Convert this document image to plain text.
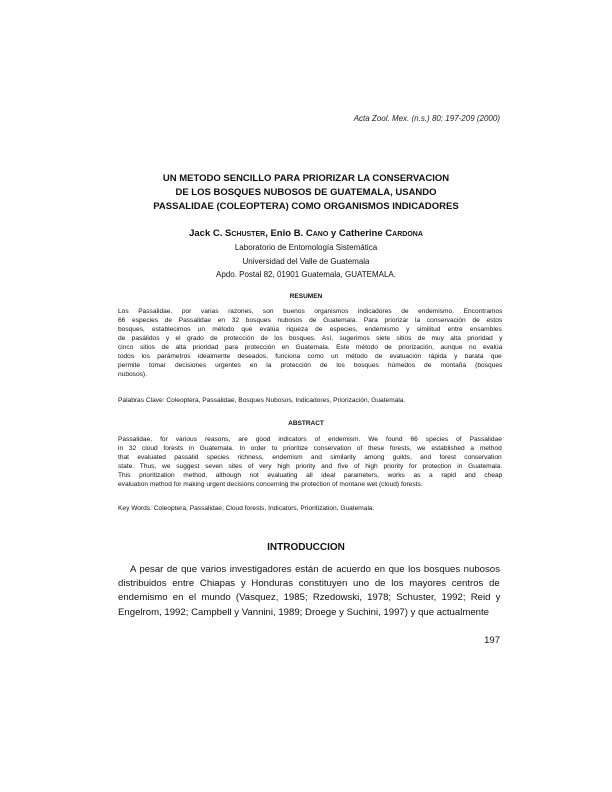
Acta Zool. Mex. (n.s.) 80: 197-209 (2000)
UN METODO SENCILLO PARA PRIORIZAR LA CONSERVACION
DE LOS BOSQUES NUBOSOS DE GUATEMALA, USANDO
PASSALIDAE (COLEOPTERA) COMO ORGANISMOS INDICADORES
Jack C. Schuster, Enio B. Cano y Catherine Cardona
Laboratorio de Entomología Sistemática
Universidad del Valle de Guatemala
Apdo. Postal 82, 01901 Guatemala, GUATEMALA.
RESUMEN
Los Passalidae, por varias razones, son buenos organismos indicadores de endemismo. Encontramos
66 especies de Passalidae en 32 bosques nubosos de Guatemala. Para priorizar la conservación de estos
bosques, establecimos un método que evalúa riqueza de especies, endemismo y similitud entre ensambles
de pasálidos y el grado de protección de los bosques. Así, sugerimos siete sitios de muy alta prioridad y
cinco sitios de alta prioridad para protección en Guatemala. Este método de priorización, aunque no evalúa
todos los parámetros idealmente deseados, funciona como un método de evaluación rápida y barata que
permite tomar decisiones urgentes en la protección de los bosques húmedos de montaña (bosques
nubosos).
Palabras Clave: Coleoptera, Passalidae, Bosques Nubosos, Indicadores, Priorización, Guatemala.
ABSTRACT
Passalidae, for various reasons, are good indicators of endemism. We found 66 species of Passalidae
in 32 cloud forests in Guatemala. In order to prioritize conservation of these forests, we established a method
that evaluated passalid species richness, endemism and similarity among guilds, and forest conservation
state. Thus, we suggest seven sites of very high priority and five of high priority for protection in Guatemala.
This prioritization method, although not evaluating all ideal parameters, works as a rapid and cheap
evaluation method for making urgent decisions concerning the protection of montane wet (cloud) forests.
Key Words: Coleoptera, Passalidae, Cloud forests, Indicators, Prioritization, Guatemala.
INTRODUCCION
A pesar de que varios investigadores están de acuerdo en que los bosques nubosos
distribuidos entre Chiapas y Honduras constituyen uno de los mayores centros de
endemismo en el mundo (Vasquez, 1985; Rzedowski, 1978; Schuster, 1992; Reid y
Engelrom, 1992; Campbell y Vannini, 1989; Droege y Suchini, 1997) y que actualmente
197
